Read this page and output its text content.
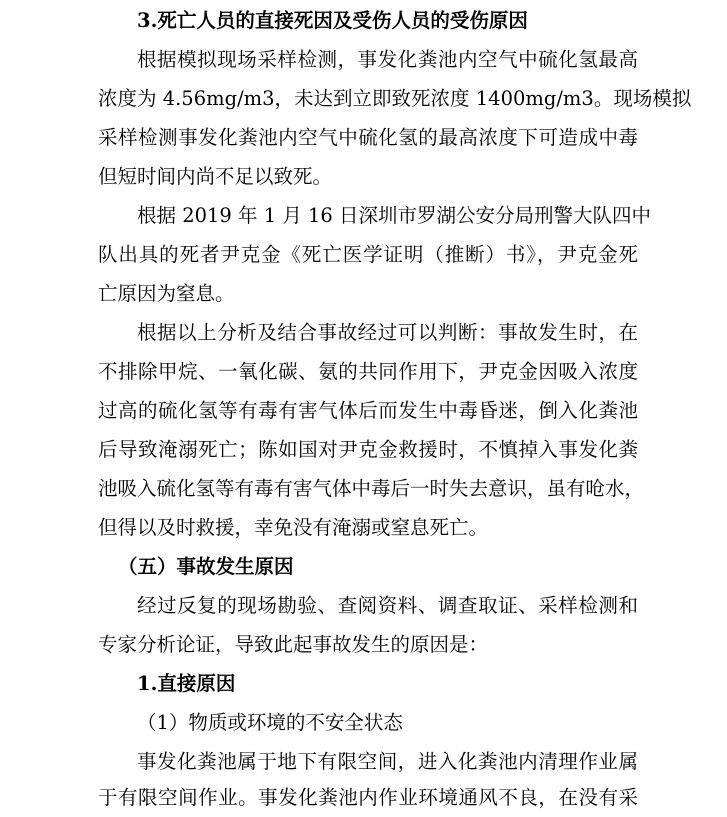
3.死亡人员的直接死因及受伤人员的受伤原因
根据模拟现场采样检测，事发化粪池内空气中硫化氢最高
浓度为 4.56mg/m3，未达到立即致死浓度 1400mg/m3。现场模拟
采样检测事发化粪池内空气中硫化氢的最高浓度下可造成中毒
但短时间内尚不足以致死。
根据 2019 年 1 月 16 日深圳市罗湖公安分局刑警大队四中
队出具的死者尹克金《死亡医学证明（推断）书》，尹克金死
亡原因为窒息。
根据以上分析及结合事故经过可以判断：事故发生时，在
不排除甲烷、一氧化碳、氨的共同作用下，尹克金因吸入浓度
过高的硫化氢等有毒有害气体后而发生中毒昏迷，倒入化粪池
后导致淹溺死亡；陈如国对尹克金救援时，不慎掉入事发化粪
池吸入硫化氢等有毒有害气体中毒后一时失去意识，虽有呛水，
但得以及时救援，幸免没有淹溺或窒息死亡。
（五）事故发生原因
经过反复的现场勘验、查阅资料、调查取证、采样检测和
专家分析论证，导致此起事故发生的原因是：
1.直接原因
（1）物质或环境的不安全状态
事发化粪池属于地下有限空间，进入化粪池内清理作业属
于有限空间作业。事发化粪池内作业环境通风不良，在没有采
